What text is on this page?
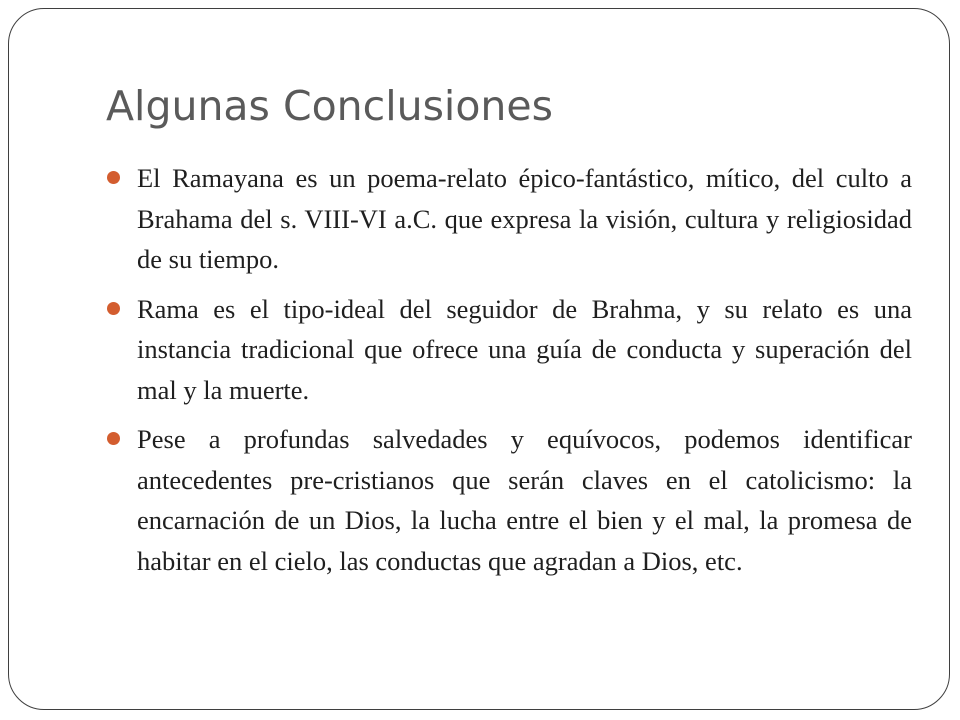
Algunas Conclusiones
El Ramayana es un poema-relato épico-fantástico, mítico, del culto a Brahama del s. VIII-VI a.C. que expresa la visión, cultura y religiosidad de su tiempo.
Rama es el tipo-ideal del seguidor de Brahma, y su relato es una instancia tradicional que ofrece una guía de conducta y superación del mal y la muerte.
Pese a profundas salvedades y equívocos, podemos identificar antecedentes pre-cristianos que serán claves en el catolicismo: la encarnación de un Dios, la lucha entre el bien y el mal, la promesa de habitar en el cielo, las conductas que agradan a Dios, etc.
